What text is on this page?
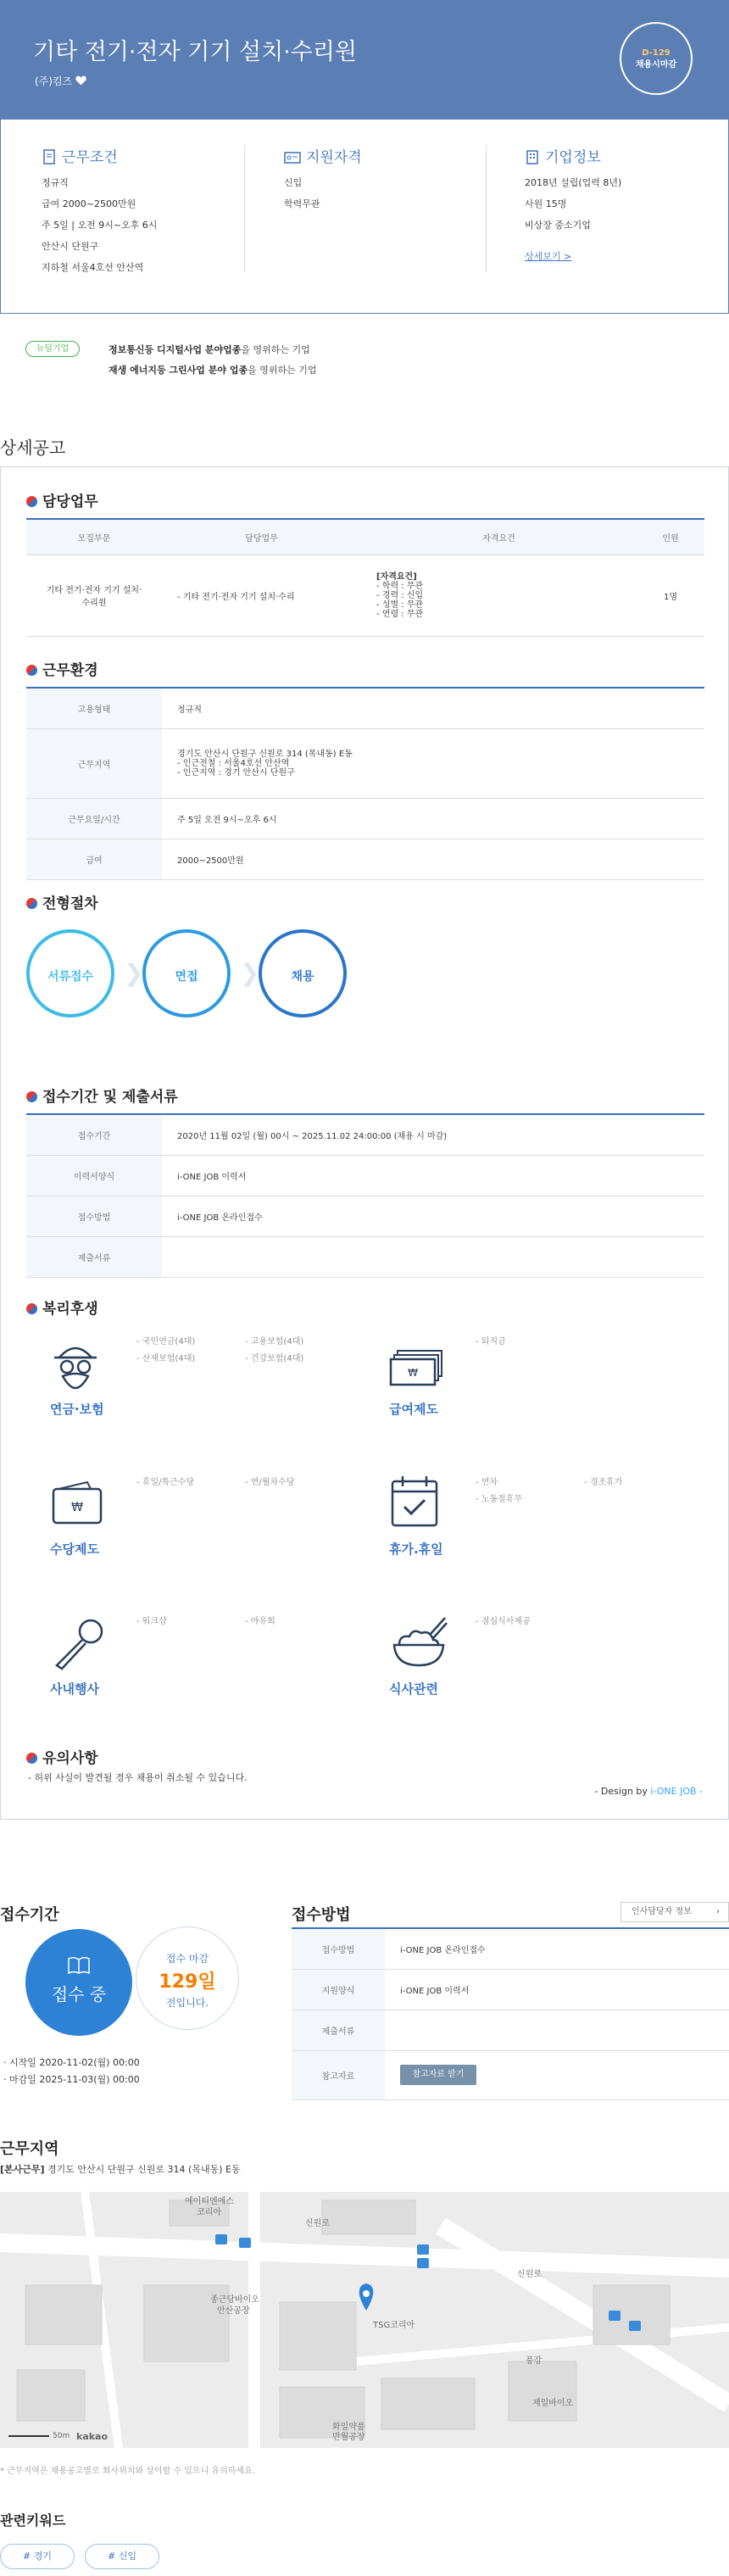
기타 전기·전자 기기 설치·수리원
(주)킴즈
D-129
채용시마감
근무조건

정규직

급여 2000~2500만원

주 5일 | 오전 9시~오후 6시

안산시 단원구

지하철 서울4호선 안산역

지원자격

신입

학력무관

기업정보

2018년 설립(업력 8년)

사원 15명

비상장 중소기업

상세보기 >

뉴딜기업	정보통신등 디지털사업 분야업종을 영위하는 기업
재생 에너지등 그린사업 분야 업종을 영위하는 기업
상세공고
담당업무
모집부문	담당업무	자격요건	인원
기타 전기·전자 기기 설치·수리원	- 기타 전기·전자 기기 설치·수리	[자격요건]
- 학력 : 무관
- 경력 : 신입
- 성별 : 무관
- 연령 : 무관	1명
근무환경
고용형태	정규직
근무지역	경기도 안산시 단원구 신원로 314 (목내동) E동
- 인근전철 : 서울4호선 안산역
- 인근지역 : 경기 안산시 단원구
근무요일/시간	주 5일 오전 9시~오후 6시
급여	2000~2500만원
전형절차
서류접수	❯	면접	❯	채용
접수기간 및 제출서류
접수기간	2020년 11월 02일 (월) 00시 ~ 2025.11.02 24:00:00 (채용 시 마감)
이력서양식	i-ONE JOB 이력서
접수방법	i-ONE JOB 온라인접수
제출서류	
복리후생
연금·보험
- 국민연금(4대)	- 고용보험(4대)
- 산재보험(4대)	- 건강보험(4대)
₩
급여제도
- 퇴직금
₩
수당제도
- 휴일/특근수당	- 연/월차수당
휴가.휴일
- 연차	- 경조휴가
- 노동절휴무
사내행사
- 워크샵	- 야유회
식사관련
- 점심식사제공
유의사항
- 허위 사실이 발견될 경우 채용이 취소될 수 있습니다.
- Design by i-ONE JOB -
접수기간
접수 중
접수 마감
129일
전입니다.
· 시작일 2020-11-02(월) 00:00
· 마감일 2025-11-03(월) 00:00
접수방법	인사담당자 정보	›
접수방법	i-ONE JOB 온라인접수
지원양식	i-ONE JOB 이력서
제출서류	
참고자료	참고자료 받기
근무지역
[본사근무] 경기도 안산시 단원구 신원로 314 (목내동) E동
에이티엔에스
코리아
신원로
신원로
종근당바이오
안산공장
TSG코리아
풍강
제일바이오
화일약품
반월공장
50m kakao
* 근무지역은 채용공고별로 회사위치와 상이할 수 있으니 유의하세요.
관련키워드
# 경기	# 신입
